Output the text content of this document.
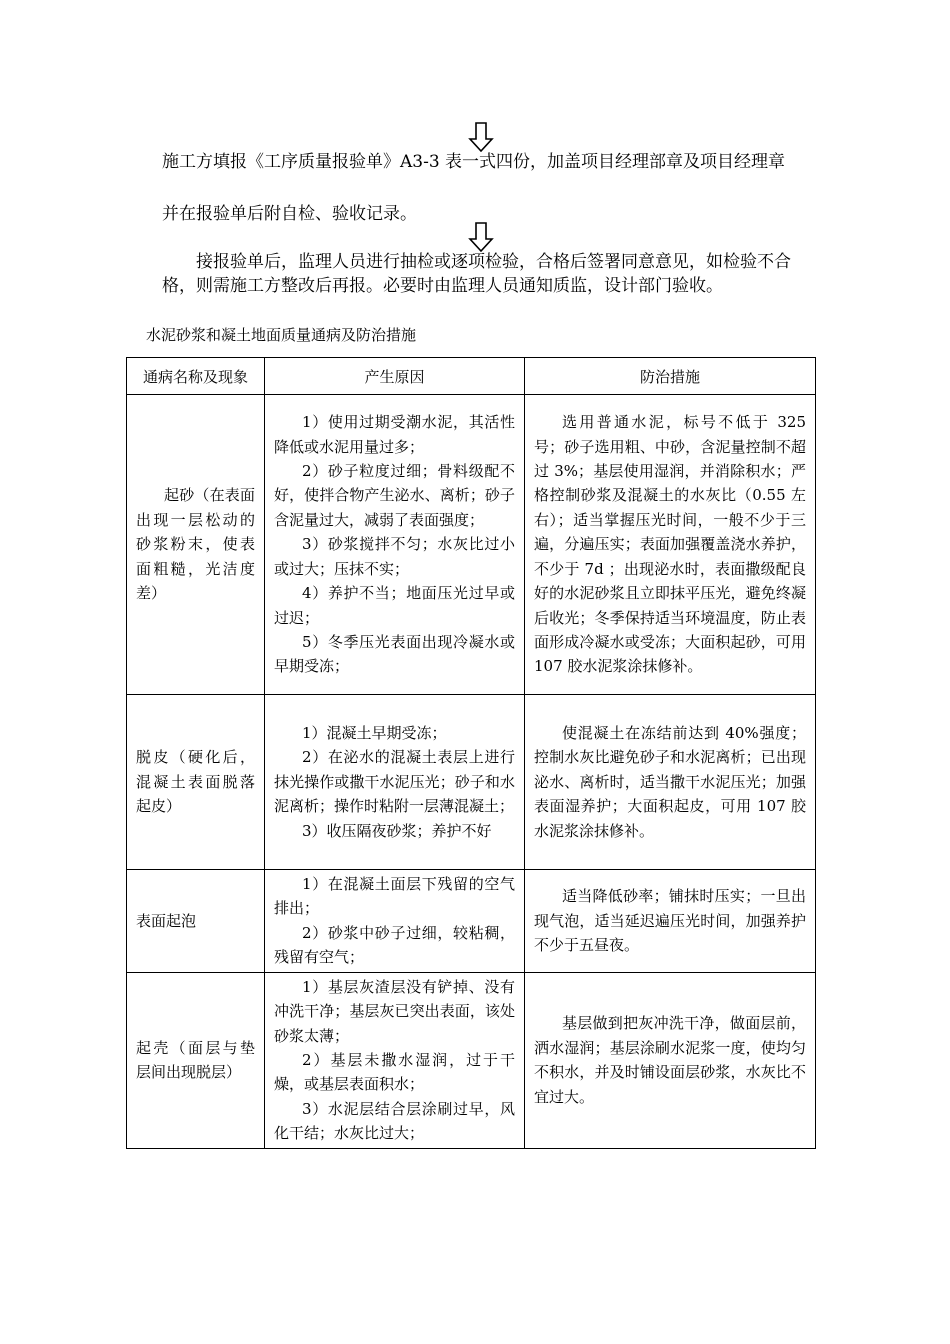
施工方填报《工序质量报验单》A3-3 表一式四份，加盖项目经理部章及项目经理章

并在报验单后附自检、验收记录。

接报验单后，监理人员进行抽检或逐项检验，合格后签署同意意见，如检验不合格，则需施工方整改后再报。必要时由监理人员通知质监，设计部门验收。

水泥砂浆和凝土地面质量通病及防治措施
通病名称及现象	产生原因	防治措施

起砂（在表面出现一层松动的砂浆粉末，使表面粗糙，光洁度差）	1）使用过期受潮水泥，其活性降低或水泥用量过多；
2）砂子粒度过细；骨料级配不好，使拌合物产生泌水、离析；砂子含泥量过大，减弱了表面强度；
3）砂浆搅拌不匀；水灰比过小或过大；压抹不实；
4）养护不当；地面压光过早或过迟；
5）冬季压光表面出现冷凝水或早期受冻；	选用普通水泥，标号不低于 325 号；砂子选用粗、中砂，含泥量控制不超过 3%；基层使用湿润，并消除积水；严格控制砂浆及混凝土的水灰比（0.55 左右）；适当掌握压光时间，一般不少于三遍，分遍压实；表面加强覆盖浇水养护，不少于 7d ；出现泌水时，表面撒级配良好的水泥砂浆且立即抹平压光，避免终凝后收光；冬季保持适当环境温度，防止表面形成冷凝水或受冻；大面积起砂，可用 107 胶水泥浆涂抹修补。

脱皮（硬化后，混凝土表面脱落起皮）	1）混凝土早期受冻；
2）在泌水的混凝土表层上进行抹光操作或撒干水泥压光；砂子和水泥离析；操作时粘附一层薄混凝土；
3）收压隔夜砂浆；养护不好	使混凝土在冻结前达到 40%强度；控制水灰比避免砂子和水泥离析；已出现泌水、离析时，适当撒干水泥压光；加强表面湿养护；大面积起皮，可用 107 胶水泥浆涂抹修补。

表面起泡	1）在混凝土面层下残留的空气排出；
2）砂浆中砂子过细，较粘稠，残留有空气；	适当降低砂率；铺抹时压实；一旦出现气泡，适当延迟遍压光时间，加强养护不少于五昼夜。

起壳（面层与垫层间出现脱层）	1）基层灰渣层没有铲掉、没有冲洗干净；基层灰已突出表面，该处砂浆太薄；
2）基层未撒水湿润，过于干燥，或基层表面积水；
3）水泥层结合层涂刷过早，风化干结；水灰比过大；	基层做到把灰冲洗干净，做面层前，洒水湿润；基层涂刷水泥浆一度，使均匀不积水，并及时铺设面层砂浆，水灰比不宜过大。
